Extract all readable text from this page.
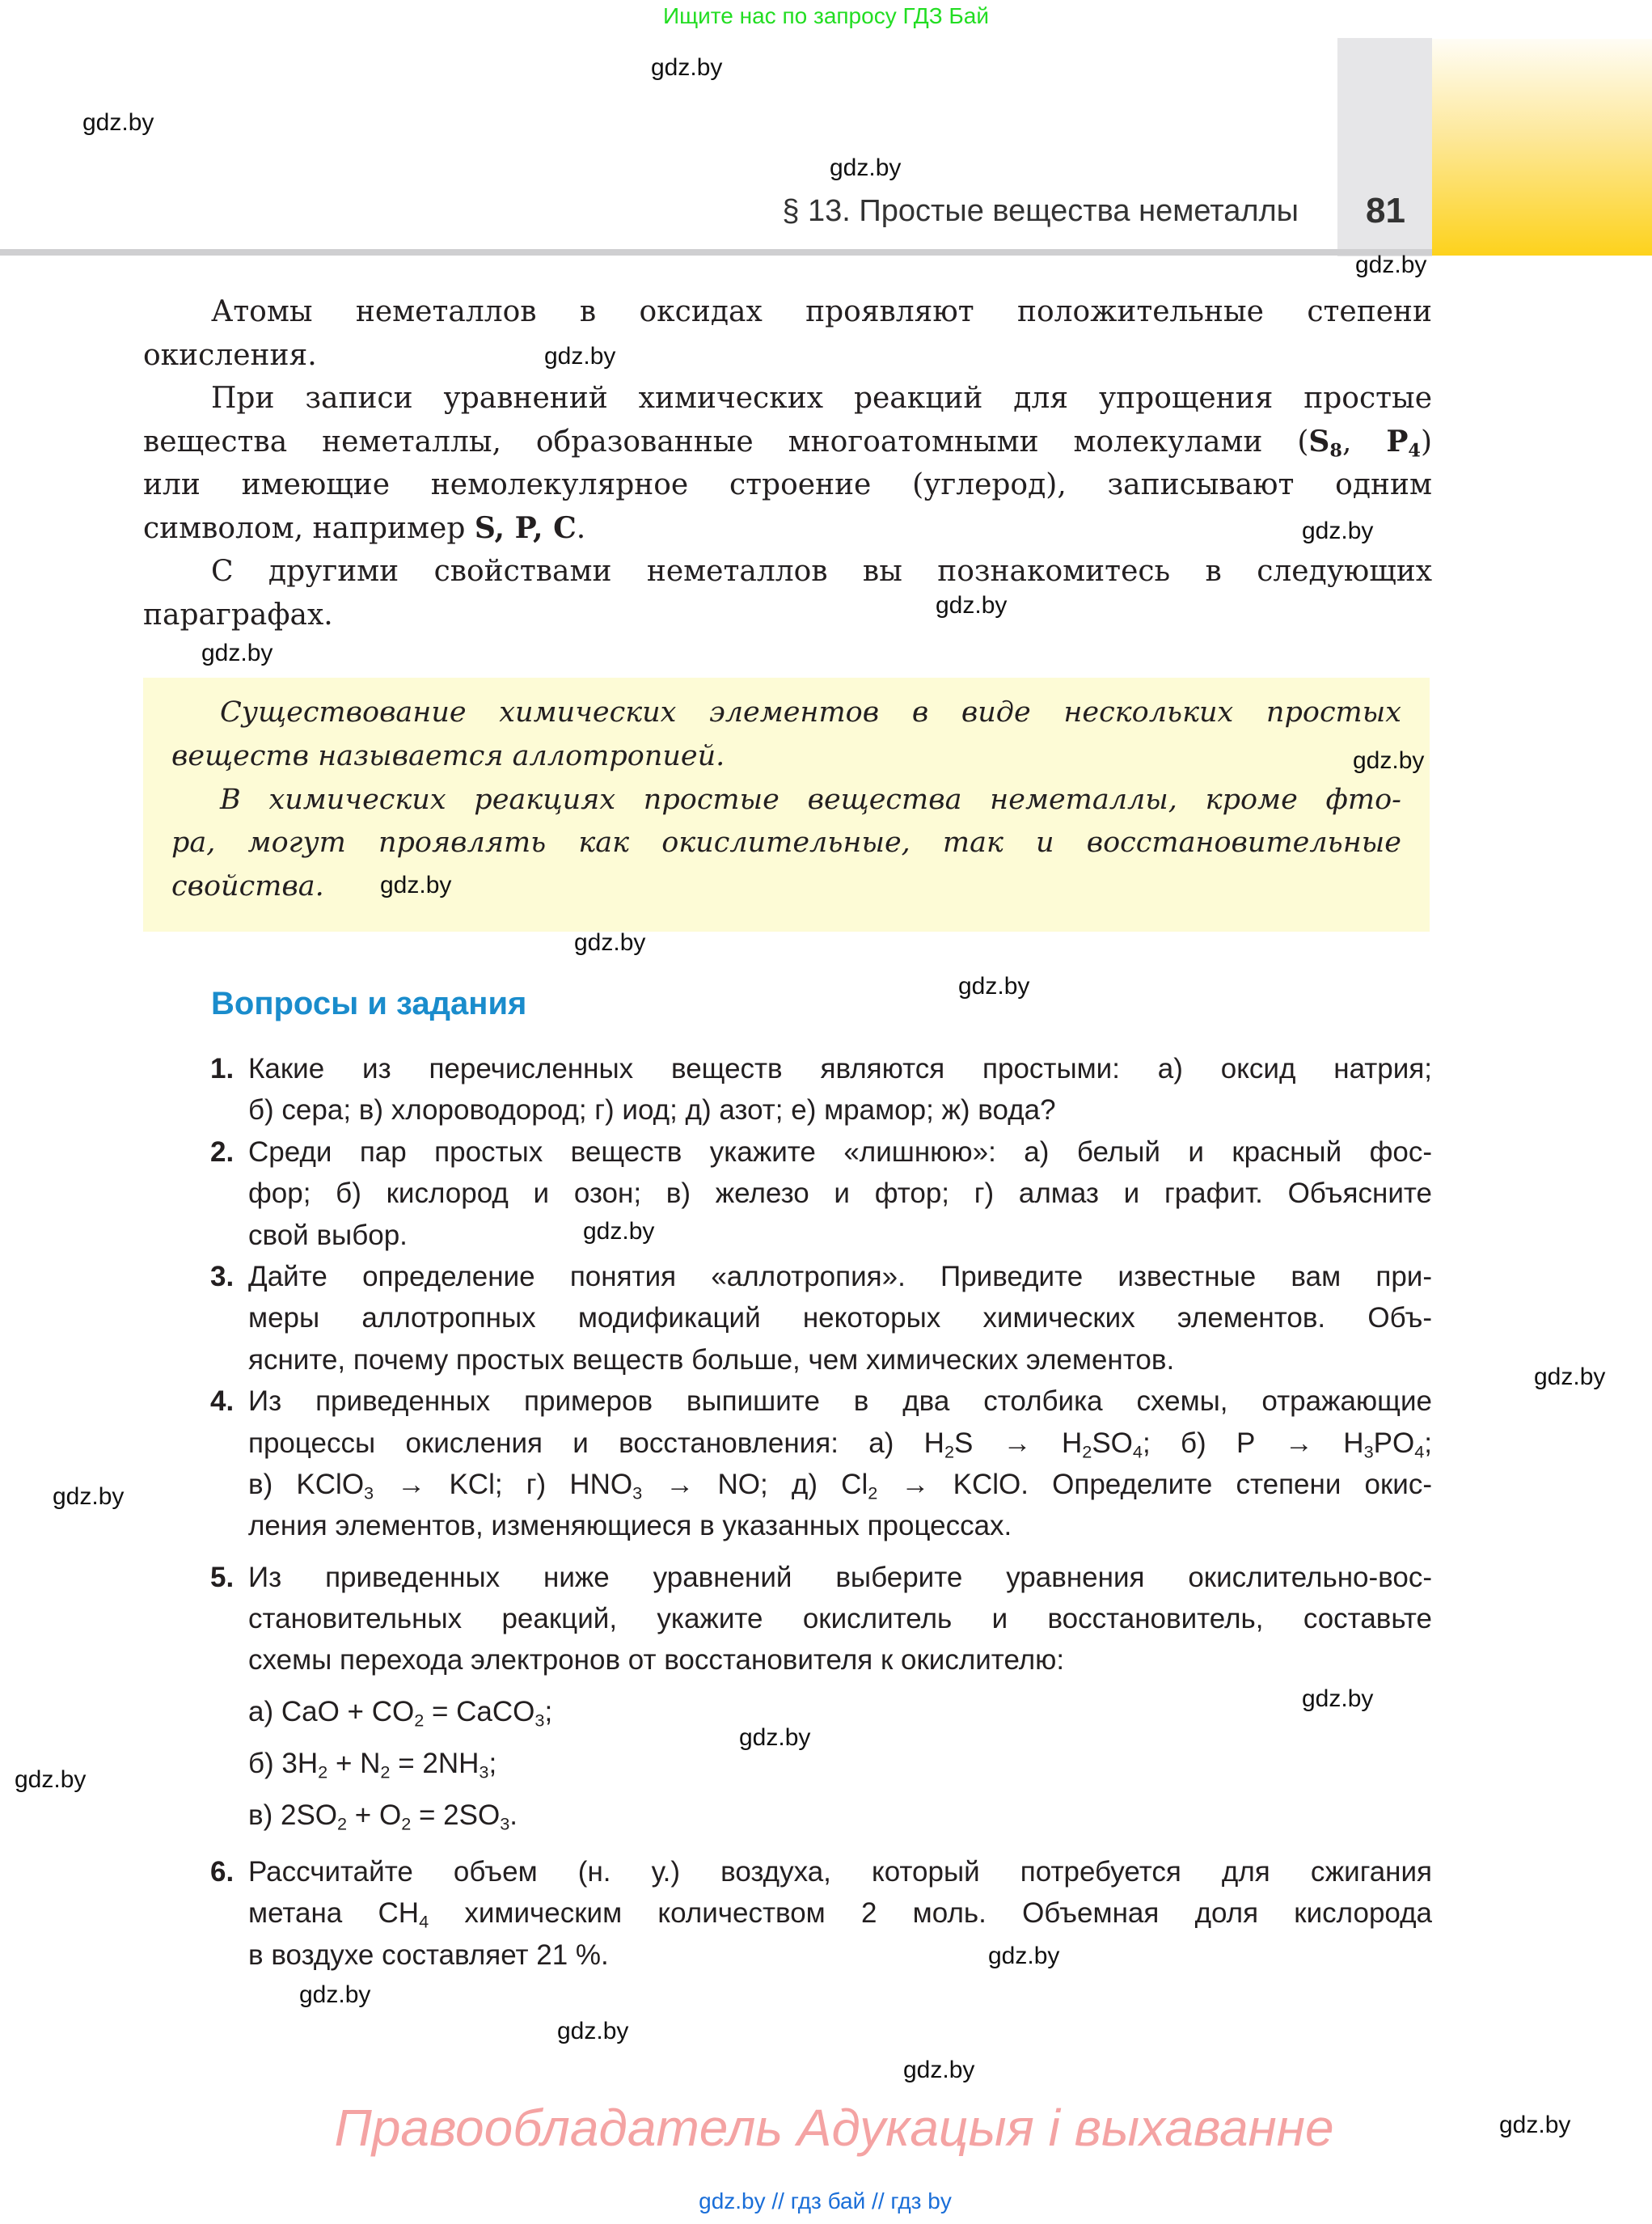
Ищите нас по запросу ГДЗ Бай
§ 13. Простые вещества неметаллы 81
Атомы неметаллов в оксидах проявляют положительные степени
окисления.
При записи уравнений химических реакций для упрощения простые
вещества неметаллы, образованные многоатомными молекулами ($S_8$, $P_4$)
или имеющие немолекулярное строение (углерод), записывают одним
символом, например S, P, C.
С другими свойствами неметаллов вы познакомитесь в следующих
параграфах.
Существование химических элементов в виде нескольких простых
веществ называется аллотропией.
В химических реакциях простые вещества неметаллы, кроме фто-
ра, могут проявлять как окислительные, так и восстановительные
свойства.
Вопросы и задания
1. Какие из перечисленных веществ являются простыми: а) оксид натрия;
б) сера; в) хлороводород; г) иод; д) азот; е) мрамор; ж) вода?
2. Среди пар простых веществ укажите «лишнюю»: а) белый и красный фос-
фор; б) кислород и озон; в) железо и фтор; г) алмаз и графит. Объясните
свой выбор.
3. Дайте определение понятия «аллотропия». Приведите известные вам при-
меры аллотропных модификаций некоторых химических элементов. Объ-
ясните, почему простых веществ больше, чем химических элементов.
4. Из приведенных примеров выпишите в два столбика схемы, отражающие
процессы окисления и восстановления: а) $H_2S \to H_2SO_4$; б) $P \to H_3PO_4$;
в) KClO$_3$ → KCl; г) $HNO_3$ → NO; д) $Cl_2$ → KClO. Определите степени окис-
ления элементов, изменяющиеся в указанных процессах.
5. Из приведенных ниже уравнений выберите уравнения окислительно-вос-
становительных реакций, укажите окислитель и восстановитель, составьте
схемы перехода электронов от восстановителя к окислителю:
а) CaO + $CO_2$ = CaCO$_3$;
б) $3H_2 + N_2 = 2NH_3$;
в) $2SO_2 + O_2 = 2SO_3$.
6. Рассчитайте объем (н. у.) воздуха, который потребуется для сжигания
метана $CH_4$ химическим количеством 2 моль. Объемная доля кислорода
в воздухе составляет 21 %.
gdz.by
gdz.by
gdz.by
gdz.by
gdz.by
gdz.by
gdz.by
gdz.by
gdz.by
gdz.by
gdz.by
gdz.by
gdz.by
gdz.by
gdz.by
gdz.by
gdz.by
gdz.by
gdz.by
gdz.by
gdz.by
gdz.by
gdz.by
Правообладатель Адукацыя і выхаванне
gdz.by // гдз бай // гдз by
